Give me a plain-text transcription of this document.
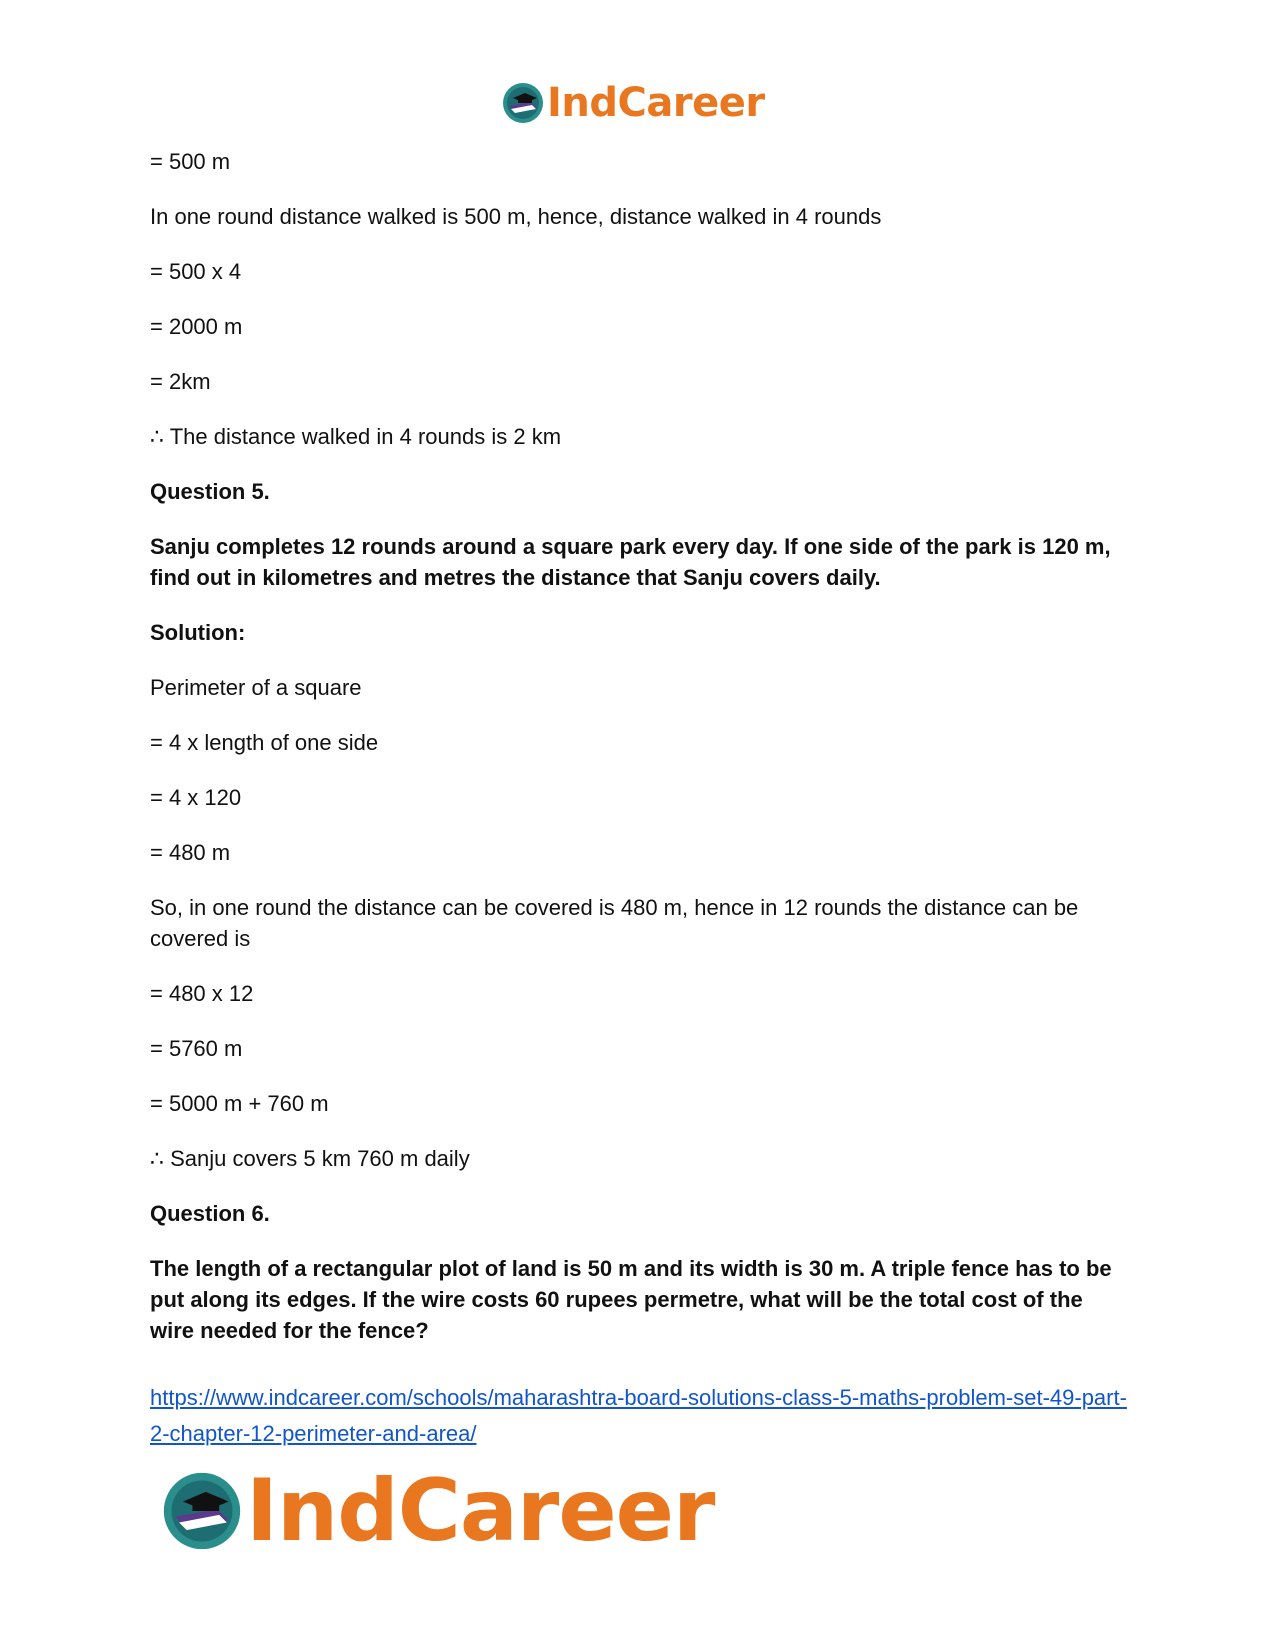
IndCareer

= 500 m

In one round distance walked is 500 m, hence, distance walked in 4 rounds

= 500 x 4

= 2000 m

= 2km

∴ The distance walked in 4 rounds is 2 km

Question 5.

Sanju completes 12 rounds around a square park every day. If one side of the park is 120 m, find out in kilometres and metres the distance that Sanju covers daily.

Solution:

Perimeter of a square

= 4 x length of one side

= 4 x 120

= 480 m

So, in one round the distance can be covered is 480 m, hence in 12 rounds the distance can be covered is

= 480 x 12

= 5760 m

= 5000 m + 760 m

∴ Sanju covers 5 km 760 m daily

Question 6.

The length of a rectangular plot of land is 50 m and its width is 30 m. A triple fence has to be put along its edges. If the wire costs 60 rupees permetre, what will be the total cost of the wire needed for the fence?

https://www.indcareer.com/schools/maharashtra-board-solutions-class-5-maths-problem-set-49-part-2-chapter-12-perimeter-and-area/
IndCareer
